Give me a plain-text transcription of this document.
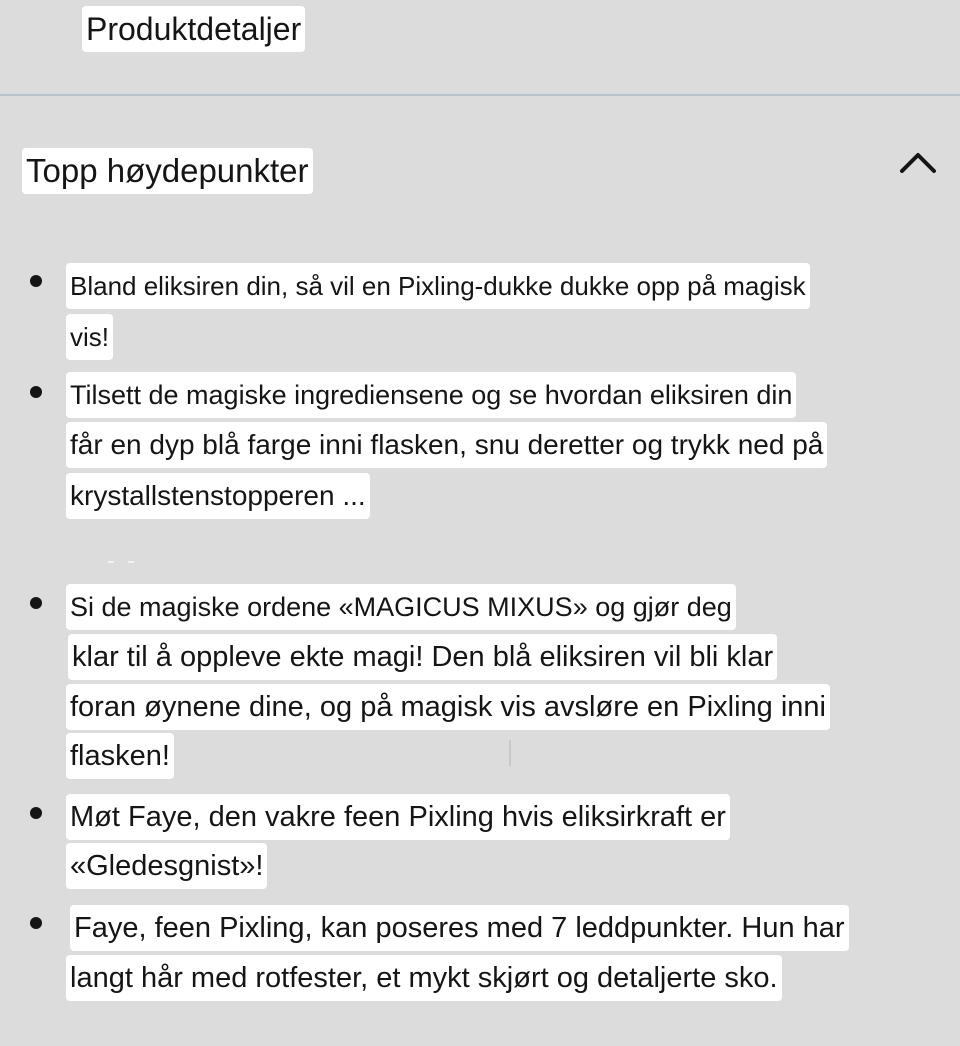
Produktdetaljer
Topp høydepunkter
Bland eliksiren din, så vil en Pixling-dukke dukke opp på magisk
vis!
Tilsett de magiske ingrediensene og se hvordan eliksiren din
får en dyp blå farge inni flasken, snu deretter og trykk ned på
krystallstenstopperen ...
Si de magiske ordene «MAGICUS MIXUS» og gjør deg
klar til å oppleve ekte magi! Den blå eliksiren vil bli klar
foran øynene dine, og på magisk vis avsløre en Pixling inni
flasken!
Møt Faye, den vakre feen Pixling hvis eliksirkraft er
«Gledesgnist»!
Faye, feen Pixling, kan poseres med 7 leddpunkter. Hun har
langt hår med rotfester, et mykt skjørt og detaljerte sko.
